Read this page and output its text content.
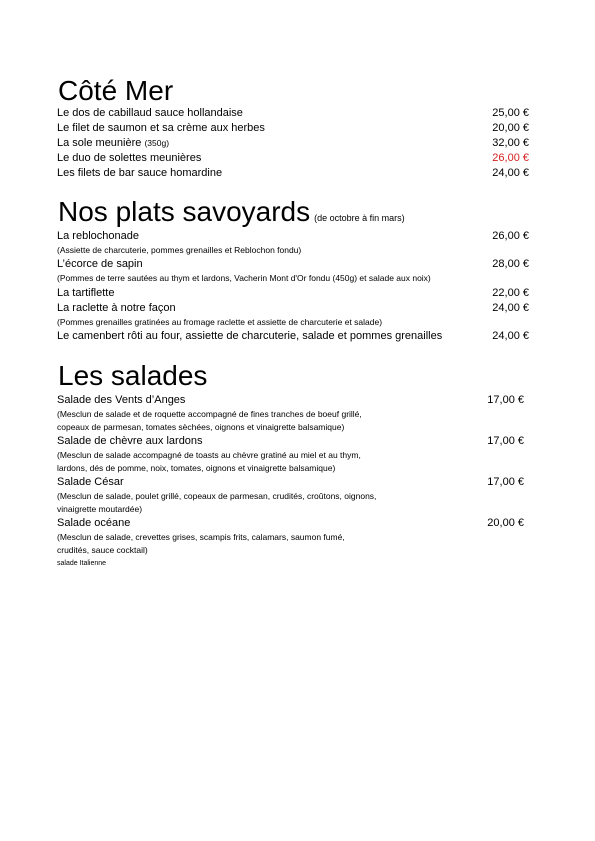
Côté Mer
Le dos de cabillaud sauce hollandaise	25,00 €
Le filet de saumon et sa crème aux herbes	20,00 €
La sole meunière (350g)	32,00 €
Le duo de solettes meunières	26,00 €
Les filets de bar sauce homardine	24,00 €
Nos plats savoyards (de octobre à fin mars)
La reblochonade	26,00 €
(Assiette de charcuterie, pommes grenailles et Reblochon fondu)
L’écorce de sapin	28,00 €
(Pommes de terre sautées au thym et lardons, Vacherin Mont d'Or fondu (450g) et salade aux noix)
La tartiflette	22,00 €
La raclette à notre façon	24,00 €
(Pommes grenailles gratinées au fromage raclette et assiette de charcuterie et salade)
Le camenbert rôti au four, assiette de charcuterie, salade et pommes grenailles	24,00 €
Les salades
Salade des Vents d’Anges	17,00 €
(Mesclun de salade et de roquette accompagné de fines tranches de boeuf grillé,
copeaux de parmesan, tomates sèchées, oignons et vinaigrette balsamique)
Salade de chèvre aux lardons	17,00 €
(Mesclun de salade accompagné de toasts au chèvre gratiné au miel et au thym,
lardons, dés de pomme, noix, tomates, oignons et vinaigrette balsamique)
Salade César	17,00 €
(Mesclun de salade, poulet grillé, copeaux de parmesan, crudités, croûtons, oignons,
vinaigrette moutardée)
Salade océane	20,00 €
(Mesclun de salade, crevettes grises, scampis frits, calamars, saumon fumé,
crudités, sauce cocktail)
salade Italienne
